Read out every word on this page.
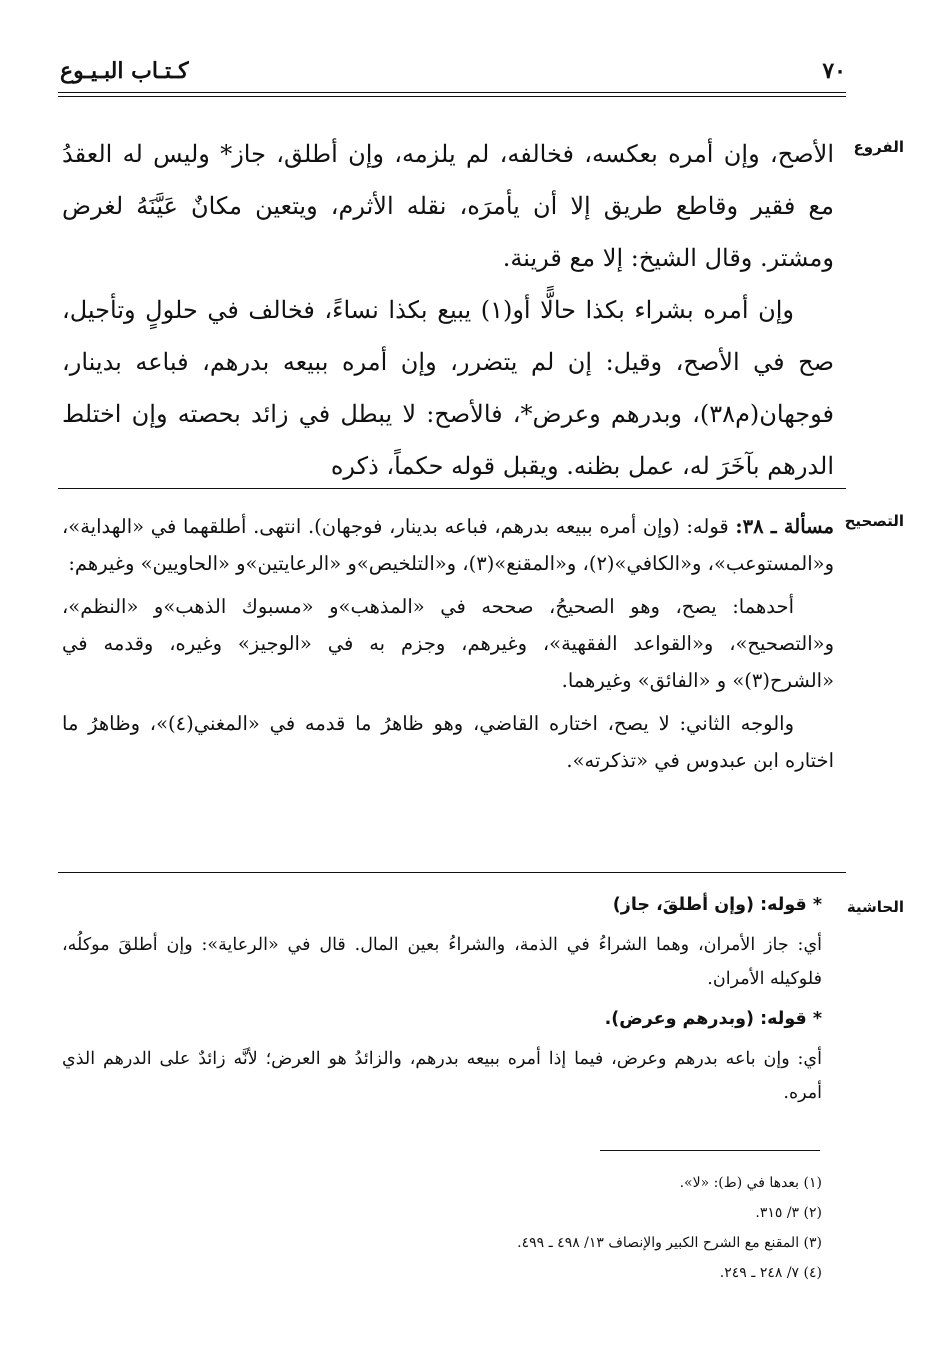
٧٠
كـتـاب البـيـوع
الفروع

الأصح، وإن أمره بعكسه، فخالفه، لم يلزمه، وإن أطلق، جاز* وليس له العقدُ مع فقير وقاطع طريق إلا أن يأمرَه، نقله الأثرم، ويتعين مكانٌ عَيَّنَهُ لغرض ومشتر. وقال الشيخ: إلا مع قرينة.

وإن أمره بشراء بكذا حالًّا أو(١) يبيع بكذا نساءً، فخالف في حلولٍ وتأجيل، صح في الأصح، وقيل: إن لم يتضرر، وإن أمره ببيعه بدرهم، فباعه بدينار، فوجهان(م٣٨)، وبدرهم وعرض*، فالأصح: لا يبطل في زائد بحصته وإن اختلط الدرهم بآخَرَ له، عمل بظنه. ويقبل قوله حكماً، ذكره

التصحيح

مسألة ـ ٣٨: قوله: (وإن أمره ببيعه بدرهم، فباعه بدينار، فوجهان). انتهى. أطلقهما في «الهداية»، و«المستوعب»، و«الكافي»(٢)، و«المقنع»(٣)، و«التلخيص»و «الرعايتين»و «الحاويين» وغيرهم:

أحدهما: يصح، وهو الصحيحُ، صححه في «المذهب»و «مسبوك الذهب»و «النظم»، و«التصحيح»، و«القواعد الفقهية»، وغيرهم، وجزم به في «الوجيز» وغيره، وقدمه في «الشرح(٣)» و «الفائق» وغيرهما.

والوجه الثاني: لا يصح، اختاره القاضي، وهو ظاهرُ ما قدمه في «المغني(٤)»، وظاهرُ ما اختاره ابن عبدوس في «تذكرته».

الحاشية

* قوله: (وإن أطلقَ، جاز)

أي: جاز الأمران، وهما الشراءُ في الذمة، والشراءُ بعين المال. قال في «الرعاية»: وإن أطلقَ موكلُه، فلوكيله الأمران.

* قوله: (وبدرهم وعرض).

أي: وإن باعه بدرهم وعرض، فيما إذا أمره ببيعه بدرهم، والزائدُ هو العرض؛ لأنَّه زائدٌ على الدرهم الذي أمره.

(١) بعدها في (ط): «لا».
(٢) ٣/ ٣١٥.
(٣) المقنع مع الشرح الكبير والإنصاف ١٣/ ٤٩٨ ـ ٤٩٩.
(٤) ٧/ ٢٤٨ ـ ٢٤٩.
